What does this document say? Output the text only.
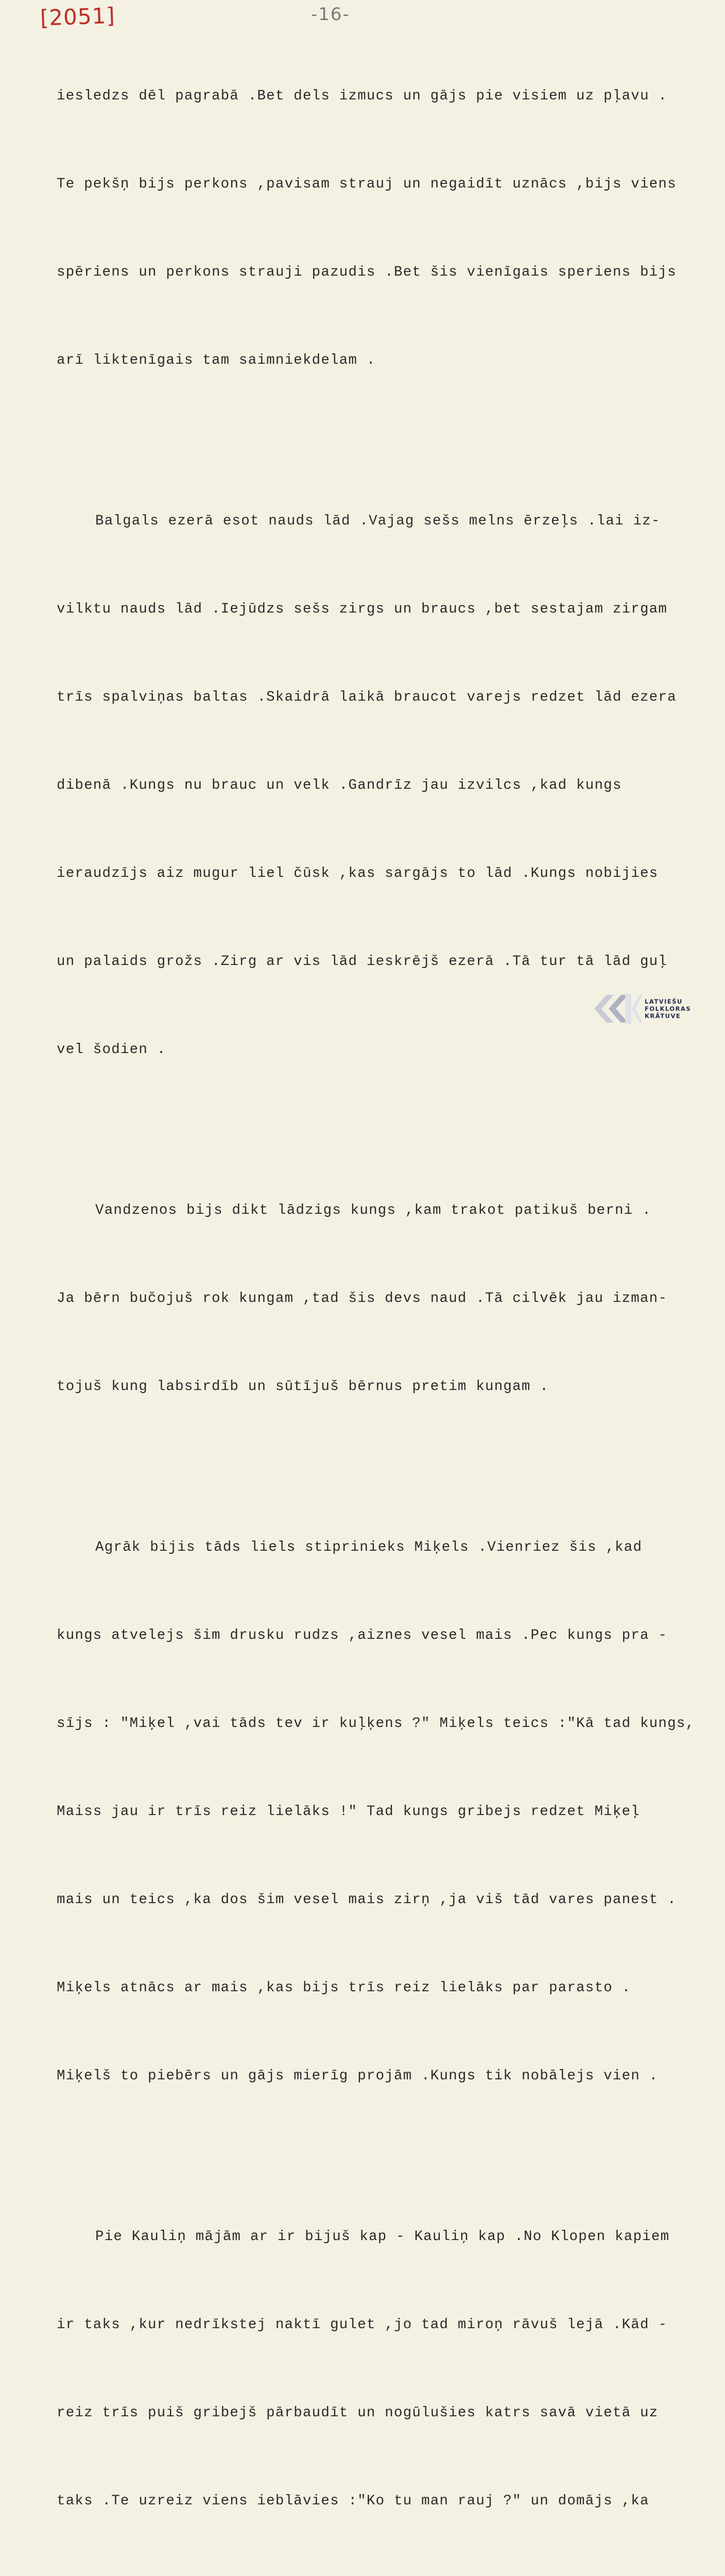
[2051]	-16-

iesledzs dēl pagrabā .Bet dels izmucs un gājs pie visiem uz pļavu .

Te pekšņ bijs perkons ,pavisam strauj un negaidīt uznācs ,bijs viens

spēriens un perkons strauji pazudis .Bet šis vienīgais speriens bijs

arī liktenīgais tam saimniekdelam .

Balgals ezerā esot nauds lād .Vajag sešs melns ērzeļs .lai iz-

vilktu nauds lād .Iejūdzs sešs zirgs un braucs ,bet sestajam zirgam

trīs spalviņas baltas .Skaidrā laikā braucot varejs redzet lād ezera

dibenā .Kungs nu brauc un velk .Gandrīz jau izvilcs ,kad kungs

ieraudzījs aiz mugur liel čūsk ,kas sargājs to lād .Kungs nobijies

un palaids grožs .Zirg ar vis lād ieskrējš ezerā .Tā tur tā lād guļ

vel šodien .

Vandzenos bijs dikt lādzigs kungs ,kam trakot patikuš berni .

Ja bērn bučojuš rok kungam ,tad šis devs naud .Tā cilvēk jau izman-

tojuš kung labsirdīb un sūtījuš bērnus pretim kungam .

Agrāk bijis tāds liels stiprinieks Miķels .Vienriez šis ,kad

kungs atvelejs šim drusku rudzs ,aiznes vesel mais .Pec kungs pra -

sījs : "Miķel ,vai tāds tev ir kuļķens ?" Miķels teics :"Kā tad kungs,

Maiss jau ir trīs reiz lielāks !" Tad kungs gribejs redzet Miķeļ

mais un teics ,ka dos šim vesel mais zirņ ,ja viš tād vares panest .

Miķels atnācs ar mais ,kas bijs trīs reiz lielāks par parasto .

Miķelš to piebērs un gājs mierīg projām .Kungs tik nobālejs vien .

Pie Kauliņ mājām ar ir bijuš kap - Kauliņ kap .No Klopen kapiem

ir taks ,kur nedrīkstej naktī gulet ,jo tad miroņ rāvuš lejā .Kād -

reiz trīs puiš gribejš pārbaudīt un nogūlušies katrs savā vietā uz

taks .Te uzreiz viens ieblāvies :"Ko tu man rauj ?" un domājs ,ka

LATVIEŠU
FOLKLORAS
KRĀTUVE
